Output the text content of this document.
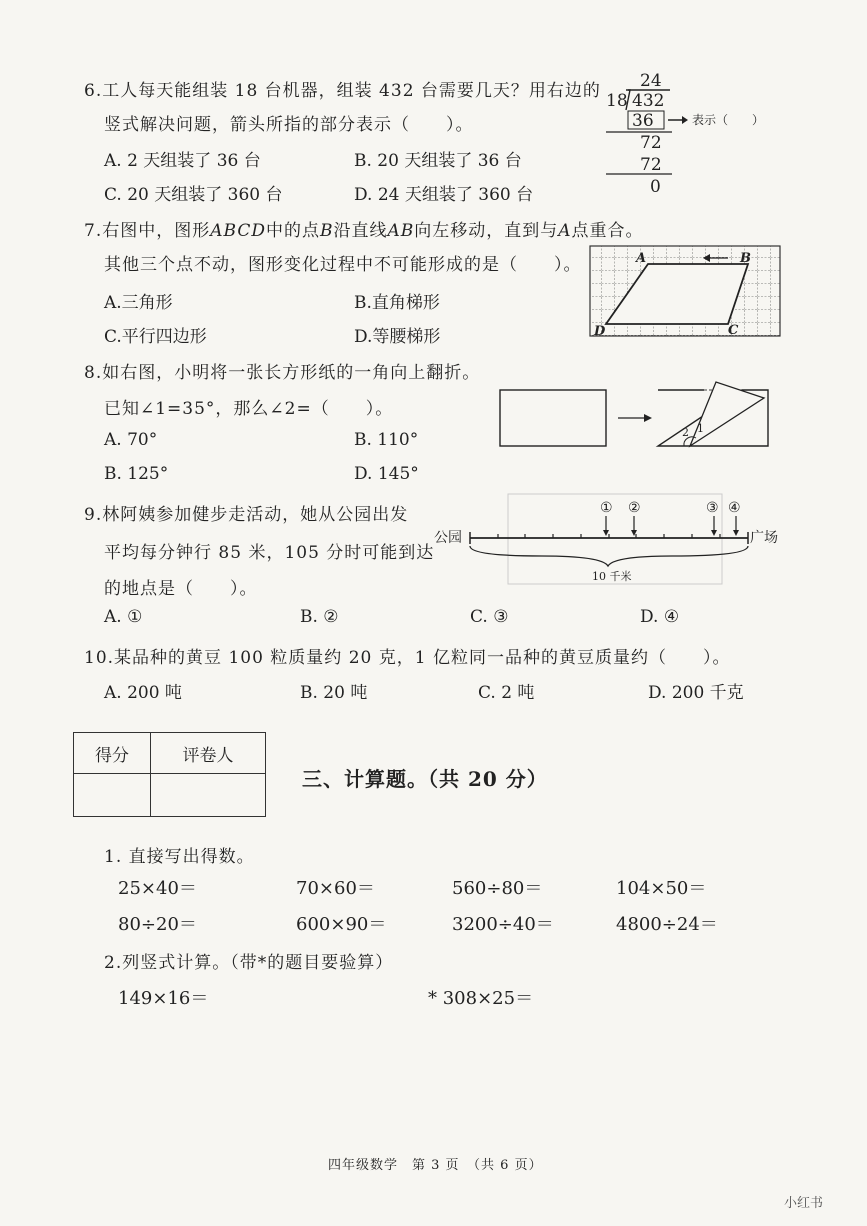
6.工人每天能组装 18 台机器，组装 432 台需要几天？用右边的
竖式解决问题，箭头所指的部分表示（　　）。
A. 2 天组装了 36 台	B. 20 天组装了 36 台
C. 20 天组装了 360 台	D. 24 天组装了 360 台
24
18 432
36	表示（　　）
72
72
0
7.右图中，图形ABCD中的点B沿直线AB向左移动，直到与A点重合。
其他三个点不动，图形变化过程中不可能形成的是（　　）。
A.三角形	B.直角梯形
C.平行四边形	D.等腰梯形
A	B
C
D
8.如右图，小明将一张长方形纸的一角向上翻折。
已知∠1=35°，那么∠2=（　　）。
A. 70°	B. 110°
B. 125°	D. 145°
2 1
9.林阿姨参加健步走活动，她从公园出发
平均每分钟行 85 米，105 分时可能到达
的地点是（　　）。
A. ①	B. ②	C. ③	D. ④
公园	广场
① ②	③ ④
10 千米
10.某品种的黄豆 100 粒质量约 20 克，1 亿粒同一品种的黄豆质量约（　　）。
A. 200 吨	B. 20 吨	C. 2 吨	D. 200 千克
得分	评卷人

三、计算题。（共 20 分）
1. 直接写出得数。
25×40＝	70×60＝	560÷80＝	104×50＝
80÷20＝	600×90＝	3200÷40＝	4800÷24＝
2.列竖式计算。（带*的题目要验算）
149×16＝	* 308×25＝
四年级数学　第 3 页　（共 6 页）
小红书
